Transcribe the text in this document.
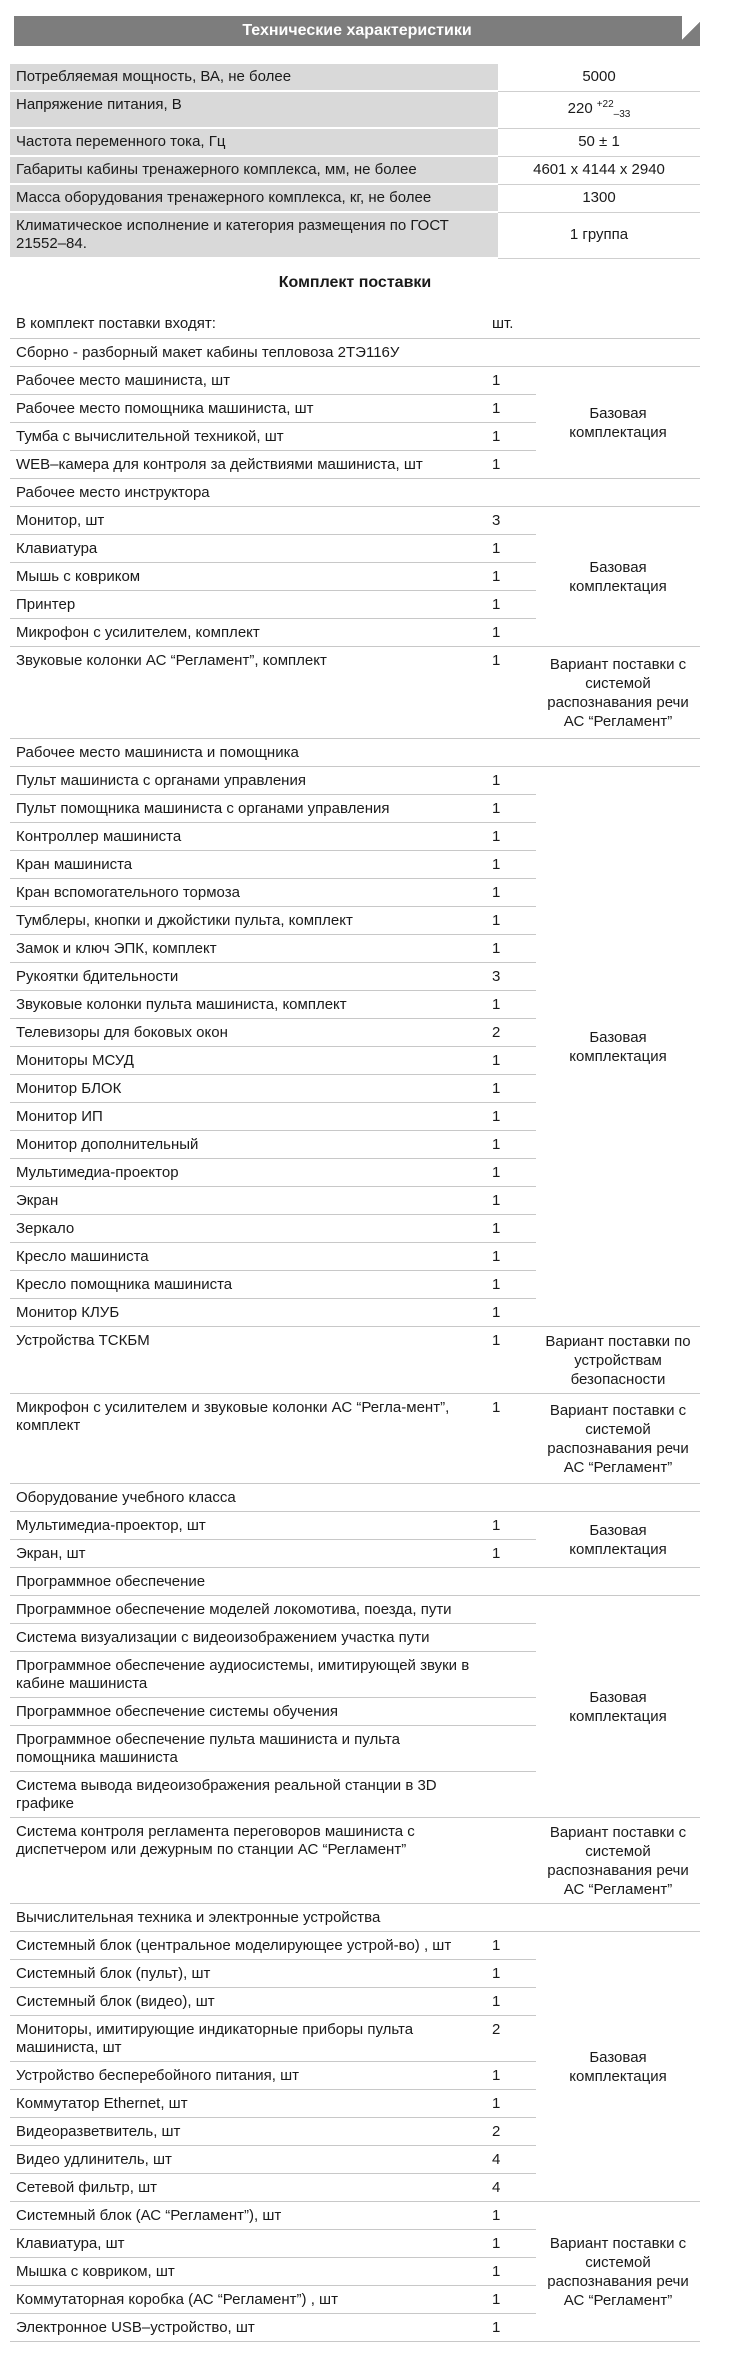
Технические характеристики
Потребляемая мощность, ВА, не более	5000
Напряжение питания, В	220 $^{+22}_{-33}$
Частота переменного тока, Гц	50 ± 1
Габариты кабины тренажерного комплекса, мм, не более	4601 х 4144 х 2940
Масса оборудования тренажерного комплекса, кг, не более	1300
Климатическое исполнение и категория размещения по ГОСТ 21552–84.	1 группа
Комплект поставки
В комплект поставки входят:	шт.	
Сборно - разборный макет кабины тепловоза 2ТЭ116У		
Рабочее место машиниста, шт	1	Базовая комплектация
Рабочее место помощника машиниста, шт	1	
Тумба с вычислительной техникой, шт	1	
WEB–камера для контроля за действиями машиниста, шт	1	
Рабочее место инструктора		
Монитор, шт	3	Базовая комплектация
Клавиатура	1	
Мышь с ковриком	1	
Принтер	1	
Микрофон с усилителем, комплект	1	
Звуковые колонки АС “Регламент”, комплект	1	Вариант поставки с системой распознавания речи АС “Регламент”
Рабочее место машиниста и помощника		
Пульт машиниста с органами управления	1	Базовая комплектация
Пульт помощника машиниста с органами управления	1	
Контроллер машиниста	1	
Кран машиниста	1	
Кран вспомогательного тормоза	1	
Тумблеры, кнопки и джойстики пульта, комплект	1	
Замок и ключ ЭПК, комплект	1	
Рукоятки бдительности	3	
Звуковые колонки пульта машиниста, комплект	1	
Телевизоры для боковых окон	2	
Мониторы МСУД	1	
Монитор БЛОК	1	
Монитор ИП	1	
Монитор дополнительный	1	
Мультимедиа-проектор	1	
Экран	1	
Зеркало	1	
Кресло машиниста	1	
Кресло помощника машиниста	1	
Монитор КЛУБ	1	
Устройства ТСКБМ	1	Вариант поставки по устройствам безопасности
Микрофон с усилителем и звуковые колонки АС “Регла-мент”, комплект	1	Вариант поставки с системой распознавания речи АС “Регламент”
Оборудование учебного класса		
Мультимедиа-проектор, шт	1	Базовая комплектация
Экран, шт	1	
Программное обеспечение		
Программное обеспечение моделей локомотива, поезда, пути		Базовая комплектация
Система визуализации с видеоизображением участка пути		
Программное обеспечение аудиосистемы, имитирующей звуки в кабине машиниста		
Программное обеспечение системы обучения		
Программное обеспечение пульта машиниста и пульта помощника машиниста		
Система вывода видеоизображения реальной станции в 3D графике		
Система контроля регламента переговоров машиниста с диспетчером или дежурным по станции АС “Регламент”		Вариант поставки с системой распознавания речи АС “Регламент”
Вычислительная техника и электронные устройства		
Системный блок (центральное моделирующее устрой-во) , шт	1	Базовая комплектация
Системный блок (пульт), шт	1	
Системный блок (видео), шт	1	
Мониторы, имитирующие индикаторные приборы пульта машиниста, шт	2	
Устройство бесперебойного питания, шт	1	
Коммутатор Ethernet, шт	1	
Видеоразветвитель, шт	2	
Видео удлинитель, шт	4	
Сетевой фильтр, шт	4	
Системный блок (АС “Регламент”), шт	1	Вариант поставки с системой распознавания речи АС “Регламент”
Клавиатура, шт	1	
Мышка с ковриком, шт	1	
Коммутаторная коробка (АС “Регламент”) , шт	1	
Электронное USB–устройство, шт	1	
